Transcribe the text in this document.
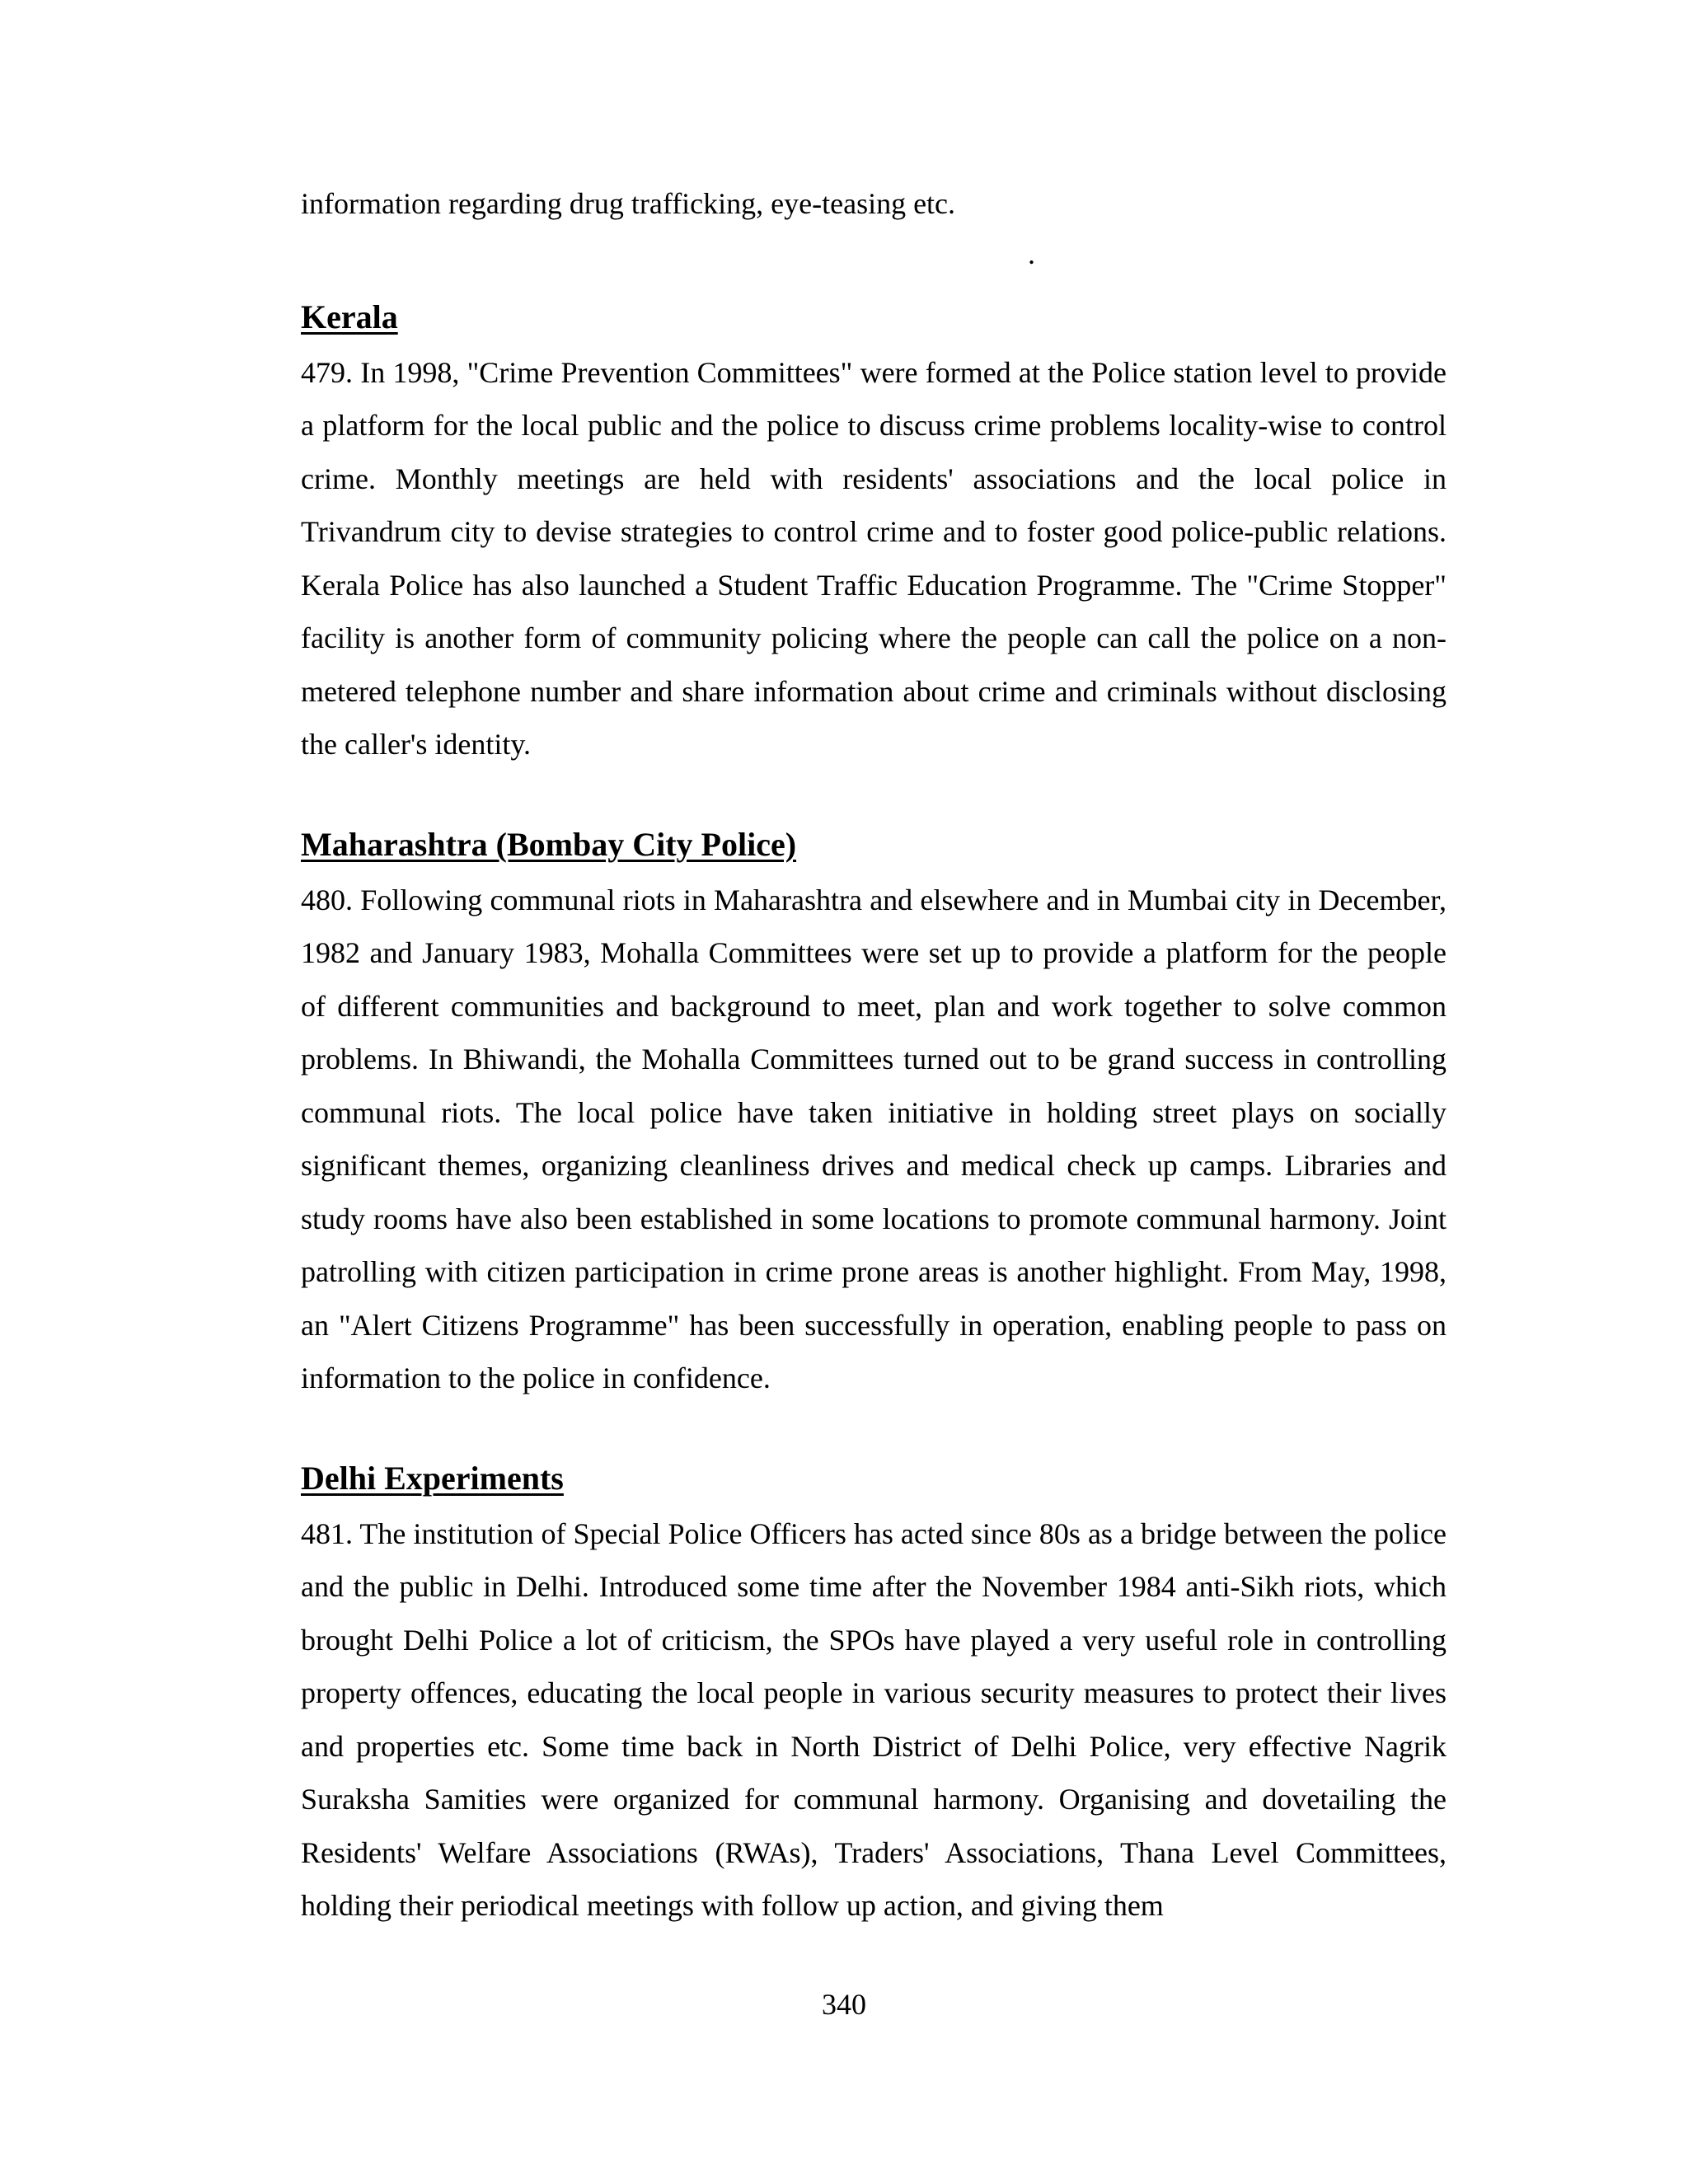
.

information regarding drug trafficking, eye-teasing etc.

Kerala

479. In 1998, "Crime Prevention Committees" were formed at the Police station level to provide a platform for the local public and the police to discuss crime problems locality-wise to control crime. Monthly meetings are held with residents' associations and the local police in Trivandrum city to devise strategies to control crime and to foster good police-public relations. Kerala Police has also launched a Student Traffic Education Programme. The "Crime Stopper" facility is another form of community policing where the people can call the police on a non-metered telephone number and share information about crime and criminals without disclosing the caller's identity.

Maharashtra (Bombay City Police)

480. Following communal riots in Maharashtra and elsewhere and in Mumbai city in December, 1982 and January 1983, Mohalla Committees were set up to provide a platform for the people of different communities and background to meet, plan and work together to solve common problems. In Bhiwandi, the Mohalla Committees turned out to be grand success in controlling communal riots. The local police have taken initiative in holding street plays on socially significant themes, organizing cleanliness drives and medical check up camps. Libraries and study rooms have also been established in some locations to promote communal harmony. Joint patrolling with citizen participation in crime prone areas is another highlight. From May, 1998, an "Alert Citizens Programme" has been successfully in operation, enabling people to pass on information to the police in confidence.

Delhi Experiments

481. The institution of Special Police Officers has acted since 80s as a bridge between the police and the public in Delhi. Introduced some time after the November 1984 anti-Sikh riots, which brought Delhi Police a lot of criticism, the SPOs have played a very useful role in controlling property offences, educating the local people in various security measures to protect their lives and properties etc. Some time back in North District of Delhi Police, very effective Nagrik Suraksha Samities were organized for communal harmony. Organising and dovetailing the Residents' Welfare Associations (RWAs), Traders' Associations, Thana Level Committees, holding their periodical meetings with follow up action, and giving them

340
